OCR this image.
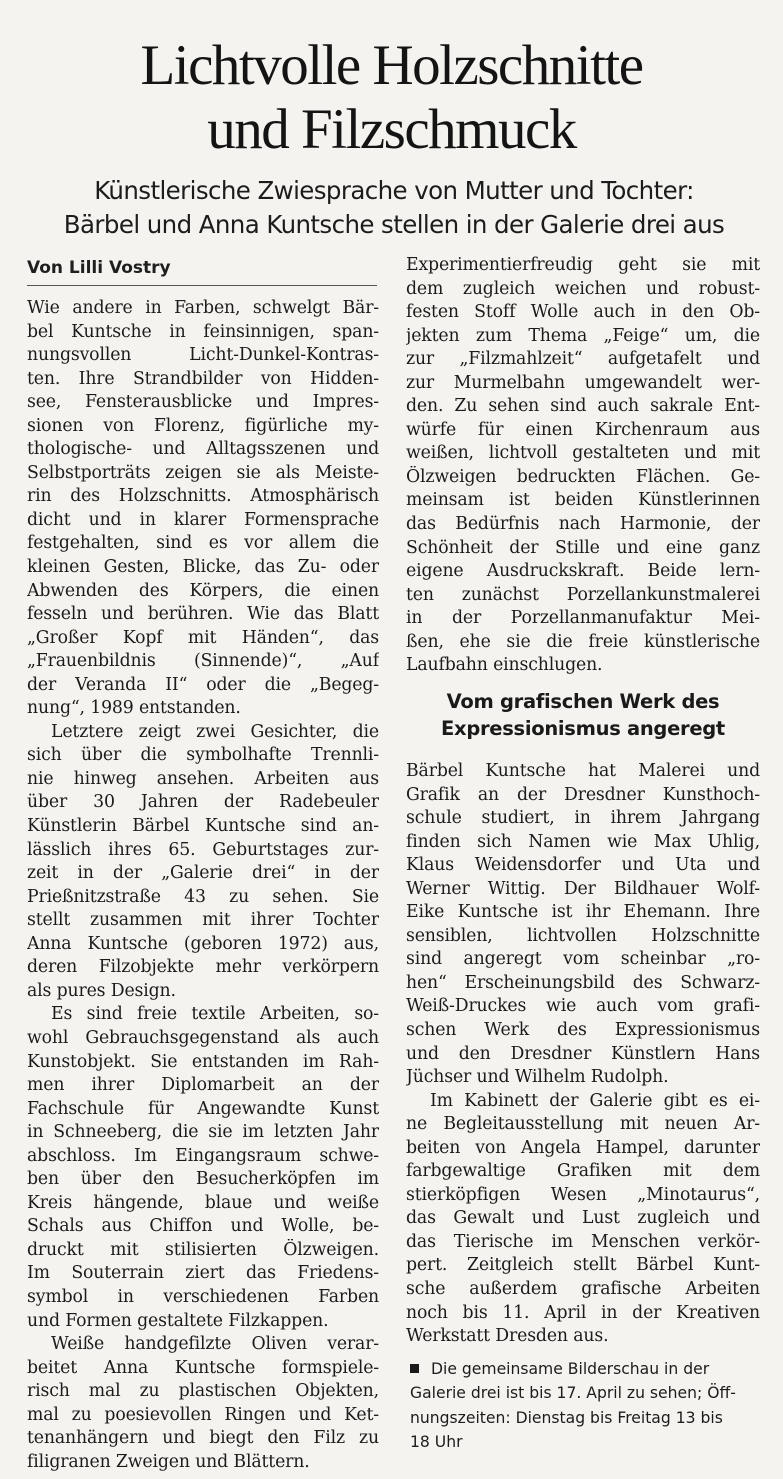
Lichtvolle Holzschnitte
und Filzschmuck
Künstlerische Zwiesprache von Mutter und Tochter:
Bärbel und Anna Kuntsche stellen in der Galerie drei aus
Von Lilli Vostry
Wie andere in Farben, schwelgt Bär-
bel Kuntsche in feinsinnigen, span-
nungsvollen Licht-Dunkel-Kontras-
ten. Ihre Strandbilder von Hidden-
see, Fensterausblicke und Impres-
sionen von Florenz, figürliche my-
thologische- und Alltagsszenen und
Selbstporträts zeigen sie als Meiste-
rin des Holzschnitts. Atmosphärisch
dicht und in klarer Formensprache
festgehalten, sind es vor allem die
kleinen Gesten, Blicke, das Zu- oder
Abwenden des Körpers, die einen
fesseln und berühren. Wie das Blatt
„Großer Kopf mit Händen“, das
„Frauenbildnis (Sinnende)“, „Auf
der Veranda II“ oder die „Begeg-
nung“, 1989 entstanden.
Letztere zeigt zwei Gesichter, die
sich über die symbolhafte Trennli-
nie hinweg ansehen. Arbeiten aus
über 30 Jahren der Radebeuler
Künstlerin Bärbel Kuntsche sind an-
lässlich ihres 65. Geburtstages zur-
zeit in der „Galerie drei“ in der
Prießnitzstraße 43 zu sehen. Sie
stellt zusammen mit ihrer Tochter
Anna Kuntsche (geboren 1972) aus,
deren Filzobjekte mehr verkörpern
als pures Design.
Es sind freie textile Arbeiten, so-
wohl Gebrauchsgegenstand als auch
Kunstobjekt. Sie entstanden im Rah-
men ihrer Diplomarbeit an der
Fachschule für Angewandte Kunst
in Schneeberg, die sie im letzten Jahr
abschloss. Im Eingangsraum schwe-
ben über den Besucherköpfen im
Kreis hängende, blaue und weiße
Schals aus Chiffon und Wolle, be-
druckt mit stilisierten Ölzweigen.
Im Souterrain ziert das Friedens-
symbol in verschiedenen Farben
und Formen gestaltete Filzkappen.
Weiße handgefilzte Oliven verar-
beitet Anna Kuntsche formspiele-
risch mal zu plastischen Objekten,
mal zu poesievollen Ringen und Ket-
tenanhängern und biegt den Filz zu
filigranen Zweigen und Blättern.
Experimentierfreudig geht sie mit
dem zugleich weichen und robust-
festen Stoff Wolle auch in den Ob-
jekten zum Thema „Feige“ um, die
zur „Filzmahlzeit“ aufgetafelt und
zur Murmelbahn umgewandelt wer-
den. Zu sehen sind auch sakrale Ent-
würfe für einen Kirchenraum aus
weißen, lichtvoll gestalteten und mit
Ölzweigen bedruckten Flächen. Ge-
meinsam ist beiden Künstlerinnen
das Bedürfnis nach Harmonie, der
Schönheit der Stille und eine ganz
eigene Ausdruckskraft. Beide lern-
ten zunächst Porzellankunstmalerei
in der Porzellanmanufaktur Mei-
ßen, ehe sie die freie künstlerische
Laufbahn einschlugen.
Vom grafischen Werk des
Expressionismus angeregt
Bärbel Kuntsche hat Malerei und
Grafik an der Dresdner Kunsthoch-
schule studiert, in ihrem Jahrgang
finden sich Namen wie Max Uhlig,
Klaus Weidensdorfer und Uta und
Werner Wittig. Der Bildhauer Wolf-
Eike Kuntsche ist ihr Ehemann. Ihre
sensiblen, lichtvollen Holzschnitte
sind angeregt vom scheinbar „ro-
hen“ Erscheinungsbild des Schwarz-
Weiß-Druckes wie auch vom grafi-
schen Werk des Expressionismus
und den Dresdner Künstlern Hans
Jüchser und Wilhelm Rudolph.
Im Kabinett der Galerie gibt es ei-
ne Begleitausstellung mit neuen Ar-
beiten von Angela Hampel, darunter
farbgewaltige Grafiken mit dem
stierköpfigen Wesen „Minotaurus“,
das Gewalt und Lust zugleich und
das Tierische im Menschen verkör-
pert. Zeitgleich stellt Bärbel Kunt-
sche außerdem grafische Arbeiten
noch bis 11. April in der Kreativen
Werkstatt Dresden aus.
Die gemeinsame Bilderschau in der
Galerie drei ist bis 17. April zu sehen; Öff-
nungszeiten: Dienstag bis Freitag 13 bis
18 Uhr
